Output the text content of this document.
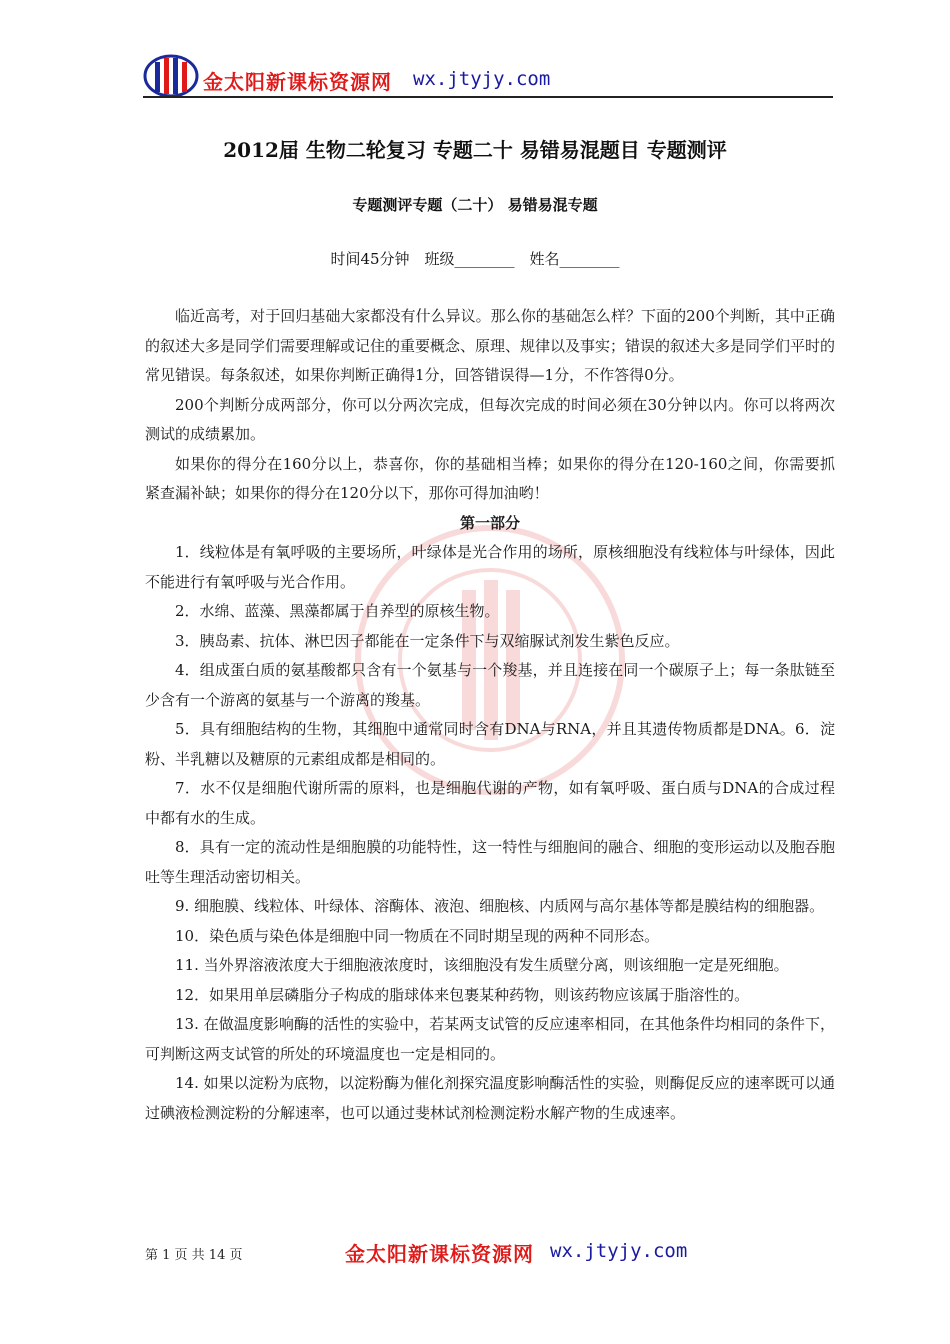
金太阳新课标资源网 wx.jtyjy.com
2012届 生物二轮复习 专题二十 易错易混题目 专题测评
专题测评专题（二十） 易错易混专题
时间45分钟　班级________　姓名________

临近高考，对于回归基础大家都没有什么异议。那么你的基础怎么样？下面的200个判断，其中正确的叙述大多是同学们需要理解或记住的重要概念、原理、规律以及事实；错误的叙述大多是同学们平时的常见错误。每条叙述，如果你判断正确得1分，回答错误得—1分，不作答得0分。

200个判断分成两部分，你可以分两次完成，但每次完成的时间必须在30分钟以内。你可以将两次测试的成绩累加。

如果你的得分在160分以上，恭喜你，你的基础相当棒；如果你的得分在120-160之间，你需要抓紧查漏补缺；如果你的得分在120分以下，那你可得加油哟！

第一部分

1．线粒体是有氧呼吸的主要场所，叶绿体是光合作用的场所，原核细胞没有线粒体与叶绿体，因此不能进行有氧呼吸与光合作用。

2．水绵、蓝藻、黑藻都属于自养型的原核生物。

3．胰岛素、抗体、淋巴因子都能在一定条件下与双缩脲试剂发生紫色反应。

4．组成蛋白质的氨基酸都只含有一个氨基与一个羧基，并且连接在同一个碳原子上；每一条肽链至少含有一个游离的氨基与一个游离的羧基。

5．具有细胞结构的生物，其细胞中通常同时含有DNA与RNA，并且其遗传物质都是DNA。6．淀粉、半乳糖以及糖原的元素组成都是相同的。

7．水不仅是细胞代谢所需的原料，也是细胞代谢的产物，如有氧呼吸、蛋白质与DNA的合成过程中都有水的生成。

8．具有一定的流动性是细胞膜的功能特性，这一特性与细胞间的融合、细胞的变形运动以及胞吞胞吐等生理活动密切相关。

9. 细胞膜、线粒体、叶绿体、溶酶体、液泡、细胞核、内质网与高尔基体等都是膜结构的细胞器。

10．染色质与染色体是细胞中同一物质在不同时期呈现的两种不同形态。

11. 当外界溶液浓度大于细胞液浓度时，该细胞没有发生质壁分离，则该细胞一定是死细胞。

12．如果用单层磷脂分子构成的脂球体来包裹某种药物，则该药物应该属于脂溶性的。

13. 在做温度影响酶的活性的实验中，若某两支试管的反应速率相同，在其他条件均相同的条件下，可判断这两支试管的所处的环境温度也一定是相同的。

14. 如果以淀粉为底物，以淀粉酶为催化剂探究温度影响酶活性的实验，则酶促反应的速率既可以通过碘液检测淀粉的分解速率，也可以通过斐林试剂检测淀粉水解产物的生成速率。

第 1 页 共 14 页	金太阳新课标资源网 wx.jtyjy.com
